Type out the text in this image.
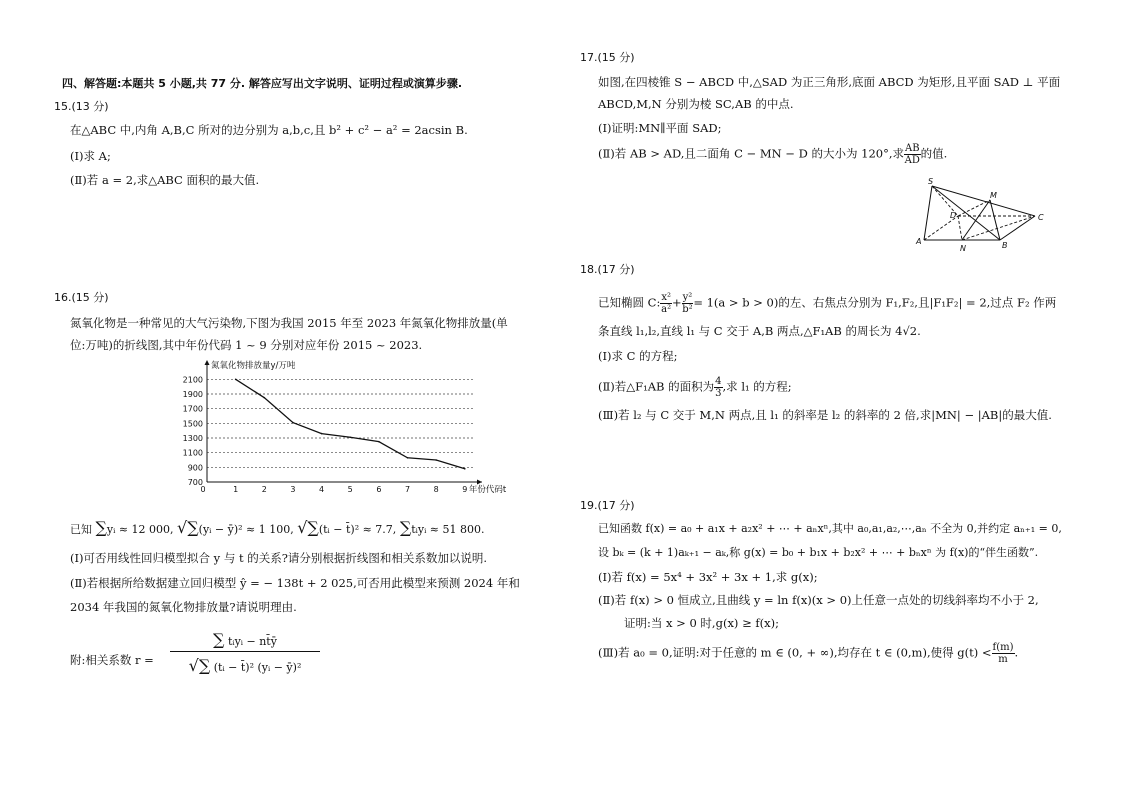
四、解答题:本题共 5 小题,共 77 分. 解答应写出文字说明、证明过程或演算步骤.
15.(13 分)
在△ABC 中,内角 A,B,C 所对的边分别为 a,b,c,且 b² + c² − a² = 2acsin B.
(Ⅰ)求 A;
(Ⅱ)若 a = 2,求△ABC 面积的最大值.
16.(15 分)
氮氧化物是一种常见的大气污染物,下图为我国 2015 年至 2023 年氮氧化物排放量(单
位:万吨)的折线图,其中年份代码 1 ~ 9 分别对应年份 2015 ~ 2023.
700
900
1100
1300
1500
1700
1900
2100
0	1	2	3	4	5	6	7	8	9
氮氧化物排放量y/万吨
年份代码t
已知 ∑yᵢ ≈ 12 000, √∑(yᵢ − ȳ)² ≈ 1 100, √∑(tᵢ − t̄)² ≈ 7.7, ∑tᵢyᵢ ≈ 51 800.
(Ⅰ)可否用线性回归模型拟合 y 与 t 的关系?请分别根据折线图和相关系数加以说明.
(Ⅱ)若根据所给数据建立回归模型 ŷ = − 138t + 2 025,可否用此模型来预测 2024 年和
2034 年我国的氮氧化物排放量?请说明理由.
附:相关系数 r =
∑ tᵢyᵢ − nt̄ȳ
√∑ (tᵢ − t̄)² (yᵢ − ȳ)²
17.(15 分)
如图,在四棱锥 S − ABCD 中,△SAD 为正三角形,底面 ABCD 为矩形,且平面 SAD ⊥ 平面
ABCD,M,N 分别为棱 SC,AB 的中点.
(Ⅰ)证明:MN∥平面 SAD;
(Ⅱ)若 AB > AD,且二面角 C − MN − D 的大小为 120°,求 $\frac{AB}{AD}$ 的值.
S
M
D	C
A
N	B
18.(17 分)
已知椭圆 C: $\frac{\text{x²}}{\text{a²}} + \frac{\text{y²}}{\text{b²}} = 1(a > b > 0)$的左、右焦点分别为 F₁,F₂,且|F₁F₂| = 2,过点 F₂ 作两
条直线 l₁,l₂,直线 l₁ 与 C 交于 A,B 两点,△F₁AB 的周长为 4√2.
(Ⅰ)求 C 的方程;
(Ⅱ)若△F₁AB 的面积为 $\frac{4}{3}$ ,求 l₁ 的方程;
(Ⅲ)若 l₂ 与 C 交于 M,N 两点,且 l₁ 的斜率是 l₂ 的斜率的 2 倍,求|MN| − |AB|的最大值.
19.(17 分)
已知函数 f(x) = a₀ + a₁x + a₂x² + ⋯ + aₙxⁿ,其中 a₀,a₁,a₂,⋯,aₙ 不全为 0,并约定 aₙ₊₁ = 0,
设 bₖ = (k + 1)aₖ₊₁ − aₖ,称 g(x) = b₀ + b₁x + b₂x² + ⋯ + bₙxⁿ 为 f(x)的“伴生函数”.
(Ⅰ)若 f(x) = 5x⁴ + 3x² + 3x + 1,求 g(x);
(Ⅱ)若 f(x) > 0 恒成立,且曲线 y = ln f(x)(x > 0)上任意一点处的切线斜率均不小于 2,
证明:当 x > 0 时,g(x) ≥ f(x);
(Ⅲ)若 a₀ = 0,证明:对于任意的 m ∈ (0, + ∞),均存在 t ∈ (0,m),使得 $g(t) < \frac{f(m)}{m}$ .
